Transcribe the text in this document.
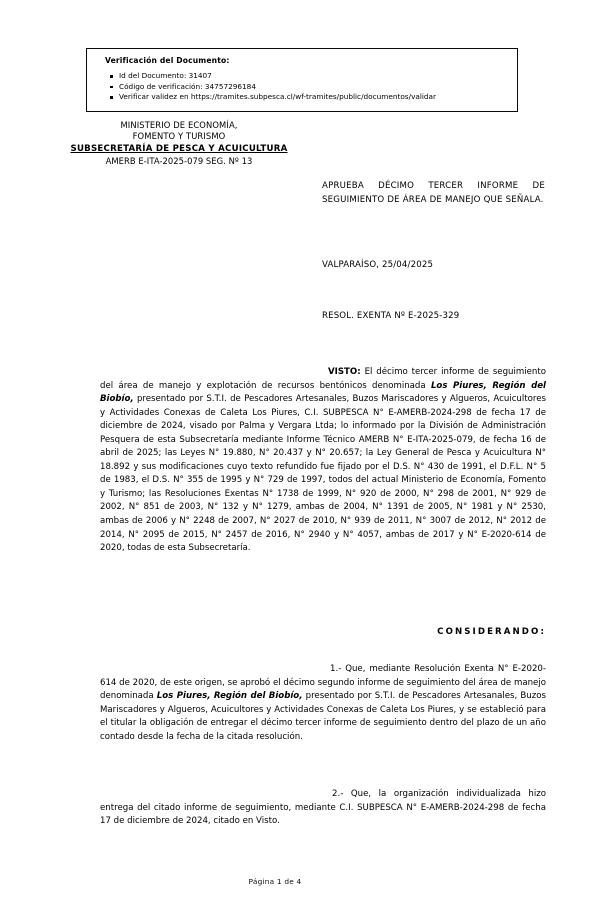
Verificación del Documento:
Id del Documento: 31407
Código de verificación: 34757296184
Verificar validez en https://tramites.subpesca.cl/wf-tramites/public/documentos/validar
MINISTERIO DE ECONOMÍA,
FOMENTO Y TURISMO
SUBSECRETARÍA DE PESCA Y ACUICULTURA
AMERB E-ITA-2025-079 SEG. Nº 13
APRUEBA DÉCIMO TERCER INFORME DE SEGUIMIENTO DE ÁREA DE MANEJO QUE SEÑALA.
VALPARAÍSO, 25/04/2025
RESOL. EXENTA Nº E-2025-329

VISTO: El décimo tercer informe de seguimiento del área de manejo y explotación de recursos bentónicos denominada Los Piures, Región del Biobío, presentado por S.T.I. de Pescadores Artesanales, Buzos Mariscadores y Algueros, Acuicultores y Actividades Conexas de Caleta Los Piures, C.I. SUBPESCA N° E-AMERB-2024-298 de fecha 17 de diciembre de 2024, visado por Palma y Vergara Ltda; lo informado por la División de Administración Pesquera de esta Subsecretaría mediante Informe Técnico AMERB N° E-ITA-2025-079, de fecha 16 de abril de 2025; las Leyes N° 19.880, N° 20.437 y N° 20.657; la Ley General de Pesca y Acuicultura N° 18.892 y sus modificaciones cuyo texto refundido fue fijado por el D.S. N° 430 de 1991, el D.F.L. N° 5 de 1983, el D.S. N° 355 de 1995 y N° 729 de 1997, todos del actual Ministerio de Economía, Fomento y Turismo; las Resoluciones Exentas N° 1738 de 1999, N° 920 de 2000, N° 298 de 2001, N° 929 de 2002, N° 851 de 2003, N° 132 y N° 1279, ambas de 2004, N° 1391 de 2005, N° 1981 y N° 2530, ambas de 2006 y N° 2248 de 2007, N° 2027 de 2010, N° 939 de 2011, N° 3007 de 2012, N° 2012 de 2014, N° 2095 de 2015, N° 2457 de 2016, N° 2940 y N° 4057, ambas de 2017 y N° E-2020-614 de 2020, todas de esta Subsecretaría.

CONSIDERANDO:

1.- Que, mediante Resolución Exenta N° E-2020-614 de 2020, de este origen, se aprobó el décimo segundo informe de seguimiento del área de manejo denominada Los Piures, Región del Biobío, presentado por S.T.I. de Pescadores Artesanales, Buzos Mariscadores y Algueros, Acuicultores y Actividades Conexas de Caleta Los Piures, y se estableció para el titular la obligación de entregar el décimo tercer informe de seguimiento dentro del plazo de un año contado desde la fecha de la citada resolución.

2.- Que, la organización individualizada hizo entrega del citado informe de seguimiento, mediante C.I. SUBPESCA N° E-AMERB-2024-298 de fecha 17 de diciembre de 2024, citado en Visto.

Página 1 de 4
